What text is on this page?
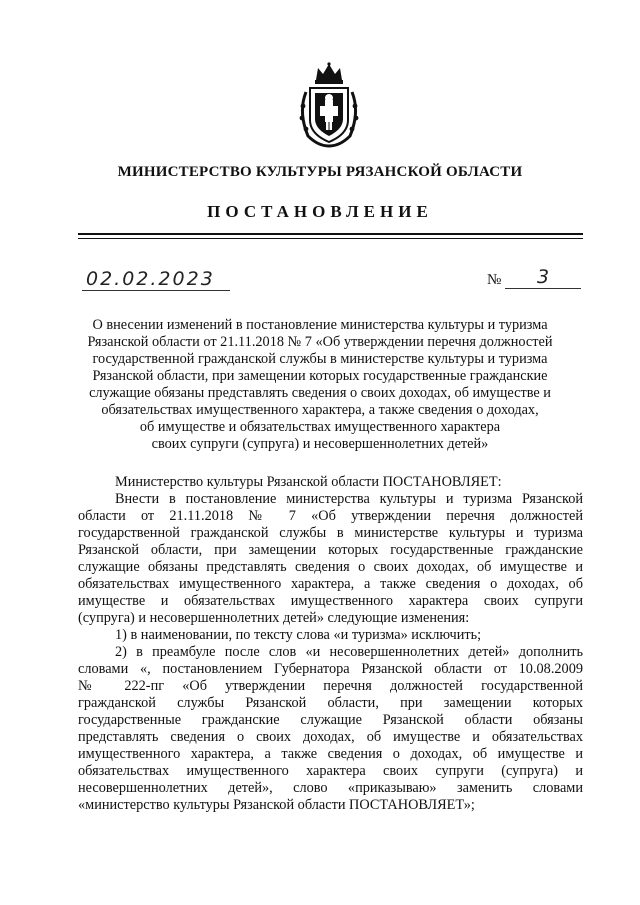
МИНИСТЕРСТВО КУЛЬТУРЫ РЯЗАНСКОЙ ОБЛАСТИ
ПОСТАНОВЛЕНИЕ
02.02.2023	№	3
О внесении изменений в постановление министерства культуры и туризма
Рязанской области от 21.11.2018 № 7 «Об утверждении перечня должностей
государственной гражданской службы в министерстве культуры и туризма
Рязанской области, при замещении которых государственные гражданские
служащие обязаны представлять сведения о своих доходах, об имуществе и
обязательствах имущественного характера, а также сведения о доходах,
об имуществе и обязательствах имущественного характера
своих супруги (супруга) и несовершеннолетних детей»
Министерство культуры Рязанской области ПОСТАНОВЛЯЕТ:
Внести в постановление министерства культуры и туризма Рязанской
области от 21.11.2018 № 7 «Об утверждении перечня должностей
государственной гражданской службы в министерстве культуры и туризма
Рязанской области, при замещении которых государственные гражданские
служащие обязаны представлять сведения о своих доходах, об имуществе и
обязательствах имущественного характера, а также сведения о доходах, об
имуществе и обязательствах имущественного характера своих супруги
(супруга) и несовершеннолетних детей» следующие изменения:
1) в наименовании, по тексту слова «и туризма» исключить;
2) в преамбуле после слов «и несовершеннолетних детей» дополнить
словами «, постановлением Губернатора Рязанской области от 10.08.2009
№ 222-пг «Об утверждении перечня должностей государственной
гражданской службы Рязанской области, при замещении которых
государственные гражданские служащие Рязанской области обязаны
представлять сведения о своих доходах, об имуществе и обязательствах
имущественного характера, а также сведения о доходах, об имуществе и
обязательствах имущественного характера своих супруги (супруга) и
несовершеннолетних детей», слово «приказываю» заменить словами
«министерство культуры Рязанской области ПОСТАНОВЛЯЕТ»;
